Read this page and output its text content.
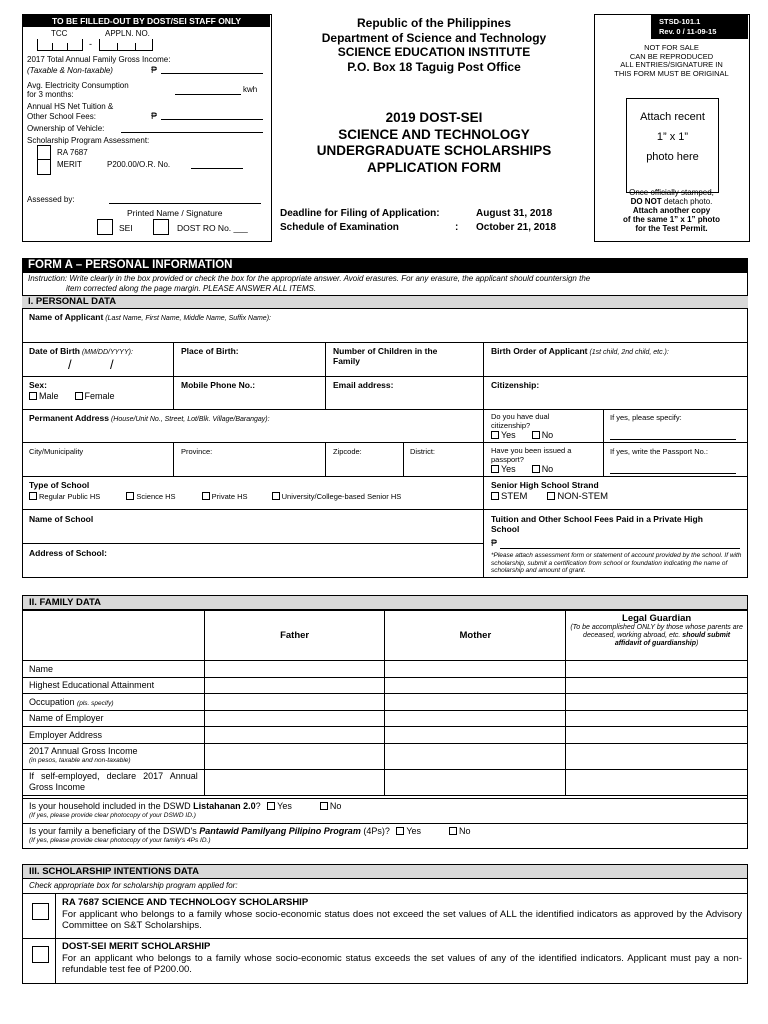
TO BE FILLED-OUT BY DOST/SEI STAFF ONLY
TCC	APPLN. NO.
-
2017 Total Annual Family Gross Income:
(Taxable & Non-taxable)	₱
Avg. Electricity Consumption
for 3 months:
kwh
Annual HS Net Tuition &
Other School Fees:	₱
Ownership of Vehicle:
Scholarship Program Assessment:
RA 7687
MERIT	P200.00/O.R. No.
Assessed by:
Printed Name / Signature
SEI	DOST RO No. ___
Republic of the Philippines
Department of Science and Technology
SCIENCE EDUCATION INSTITUTE
P.O. Box 18 Taguig Post Office
2019 DOST-SEI
SCIENCE AND TECHNOLOGY
UNDERGRADUATE SCHOLARSHIPS
APPLICATION FORM
Deadline for Filing of Application:	August 31, 2018
Schedule of Examination	: October 21, 2018
STSD-101.1
Rev. 0 / 11-09-15
NOT FOR SALE
CAN BE REPRODUCED
ALL ENTRIES/SIGNATURE IN
THIS FORM MUST BE ORIGINAL
Attach recent
1” x 1”
photo here
Once officially stamped,
DO NOT detach photo.
Attach another copy
of the same 1” x 1” photo
for the Test Permit.
FORM A – PERSONAL INFORMATION
Instruction: Write clearly in the box provided or check the box for the appropriate answer. Avoid erasures. For any erasure, the applicant should countersign the
item corrected along the page margin. PLEASE ANSWER ALL ITEMS.
I. PERSONAL DATA
Name of Applicant (Last Name, First Name, Middle Name, Suffix Name):
Date of Birth (MM/DD/YYYY):
/	/
Place of Birth:	Number of Children in the Family
Birth Order of Applicant (1st child, 2nd child, etc.):
Sex:
Male	Female
Mobile Phone No.:	Email address:	Citizenship:
Permanent Address (House/Unit No., Street, Lot/Blk. Village/Barangay):	Do you have dual citizenship?
Yes	No
If yes, please specify:
City/Municipality	Province:	Zipcode:	District:	Have you been issued a passport?
Yes	No
If yes, write the Passport No.:
Type of School
Regular Public HS	Science HS	Private HS	University/College-based Senior HS
Senior High School Strand
STEM	NON-STEM
Name of School	Tuition and Other School Fees Paid in a Private High School
Address of School:
₱
*Please attach assessment form or statement of account provided by the school. If with scholarship, submit a certification from school or foundation indicating the name of scholarship and amount of grant.
II. FAMILY DATA
	Father	Mother	Legal Guardian
(To be accomplished ONLY by those whose parents are deceased, working abroad, etc. should submit affidavit of guardianship)

Name			
Highest Educational Attainment			
Occupation (pls. specify)			
Name of Employer			
Employer Address			

2017 Annual Gross Income
(in pesos, taxable and non-taxable)			

If self-employed, declare 2017 Annual Gross Income			
Is your household included in the DSWD Listahanan 2.0? Yes	No
(If yes, please provide clear photocopy of your DSWD ID.)
Is your family a beneficiary of the DSWD's Pantawid Pamilyang Pilipino Program (4Ps)? Yes	No
(If yes, please provide clear photocopy of your family's 4Ps ID.)
III. SCHOLARSHIP INTENTIONS DATA
Check appropriate box for scholarship program applied for:
RA 7687 SCIENCE AND TECHNOLOGY SCHOLARSHIP
For applicant who belongs to a family whose socio-economic status does not exceed the set values of ALL the identified indicators as approved by the Advisory Committee on S&T Scholarships.
DOST-SEI MERIT SCHOLARSHIP
For an applicant who belongs to a family whose socio-economic status exceeds the set values of any of the identified indicators. Applicant must pay a non-refundable test fee of P200.00.
